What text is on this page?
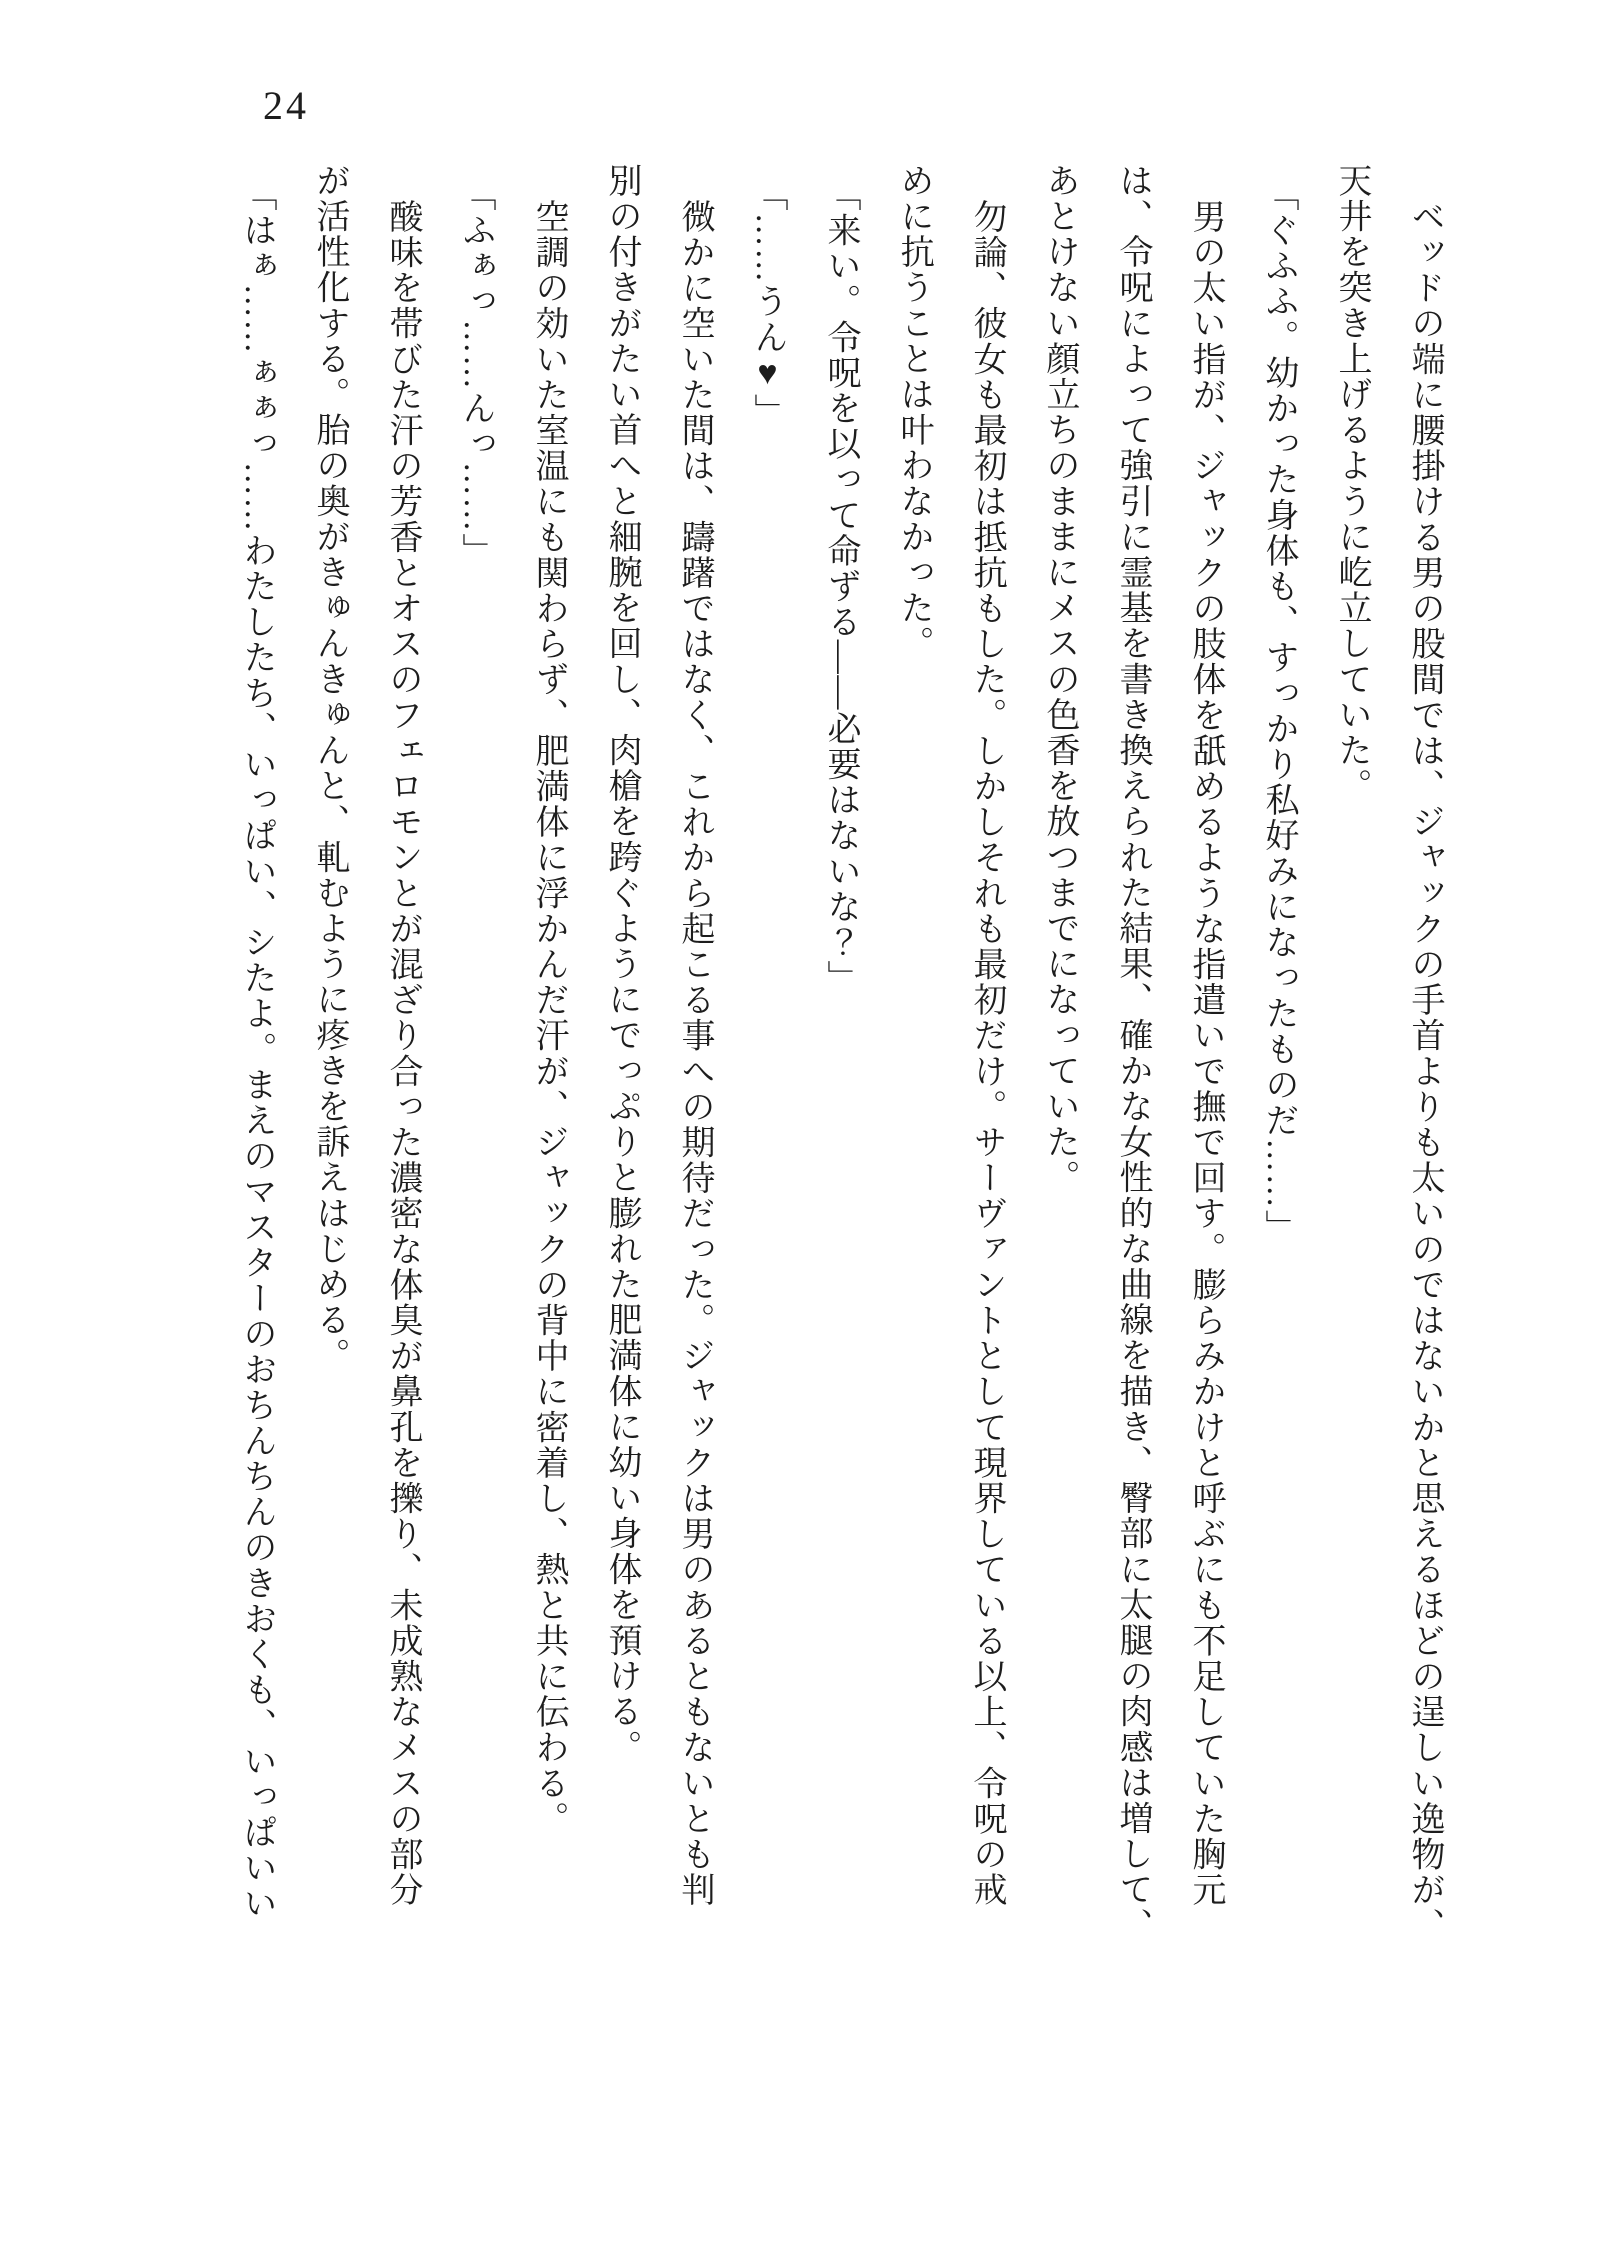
24

ベッドの端に腰掛ける男の股間では、ジャックの手首よりも太いのではないかと思えるほどの逞しい逸物が、

天井を突き上げるように屹立していた。

「ぐふふ。幼かった身体も、すっかり私好みになったものだ……」

男の太い指が、ジャックの肢体を舐めるような指遣いで撫で回す。膨らみかけと呼ぶにも不足していた胸元

は、令呪によって強引に霊基を書き換えられた結果、確かな女性的な曲線を描き、臀部に太腿の肉感は増して、

あとけない顔立ちのままにメスの色香を放つまでになっていた。

勿論、彼女も最初は抵抗もした。しかしそれも最初だけ。サーヴァントとして現界している以上、令呪の戒

めに抗うことは叶わなかった。

「来い。令呪を以って命ずる――必要はないな？」

「……うん♥」

微かに空いた間は、躊躇ではなく、これから起こる事への期待だった。ジャックは男のあるともないとも判

別の付きがたい首へと細腕を回し、肉槍を跨ぐようにでっぷりと膨れた肥満体に幼い身体を預ける。

空調の効いた室温にも関わらず、肥満体に浮かんだ汗が、ジャックの背中に密着し、熱と共に伝わる。

「ふぁっ……んっ……」

酸味を帯びた汗の芳香とオスのフェロモンとが混ざり合った濃密な体臭が鼻孔を擽り、未成熟なメスの部分

が活性化する。胎の奥がきゅんきゅんと、軋むように疼きを訴えはじめる。

「はぁ……ぁぁっ……わたしたち、いっぱい、シたよ。まえのマスターのおちんちんのきおくも、いっぱいい
